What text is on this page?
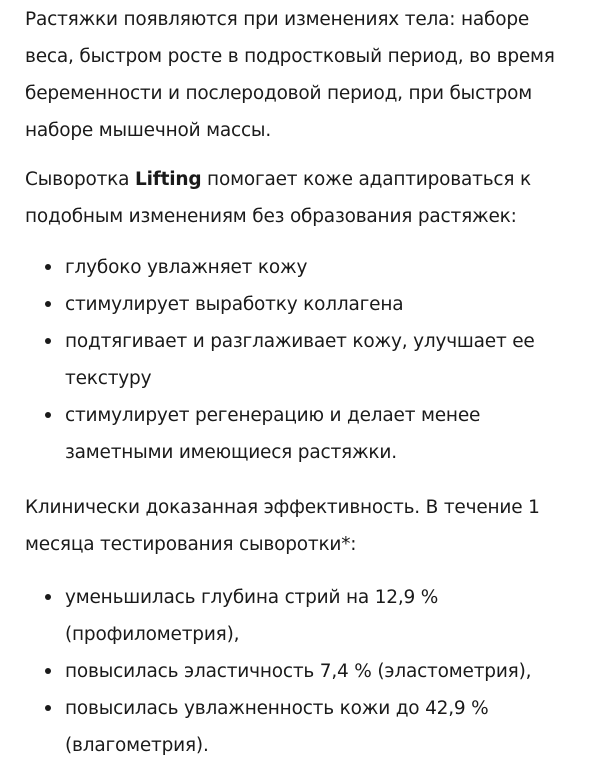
Растяжки появляются при изменениях тела: наборе веса, быстром росте в подростковый период, во время беременности и послеродовой период, при быстром наборе мышечной массы.

Сыворотка Lifting помогает коже адаптироваться к подобным изменениям без образования растяжек:

глубоко увлажняет кожу
стимулирует выработку коллагена
подтягивает и разглаживает кожу, улучшает ее текстуру
стимулирует регенерацию и делает менее заметными имеющиеся растяжки.

Клинически доказанная эффективность. В течение 1 месяца тестирования сыворотки*:

уменьшилась глубина стрий на 12,9 % (профилометрия),
повысилась эластичность 7,4 % (эластометрия),
повысилась увлажненность кожи до 42,9 % (влагометрия).
